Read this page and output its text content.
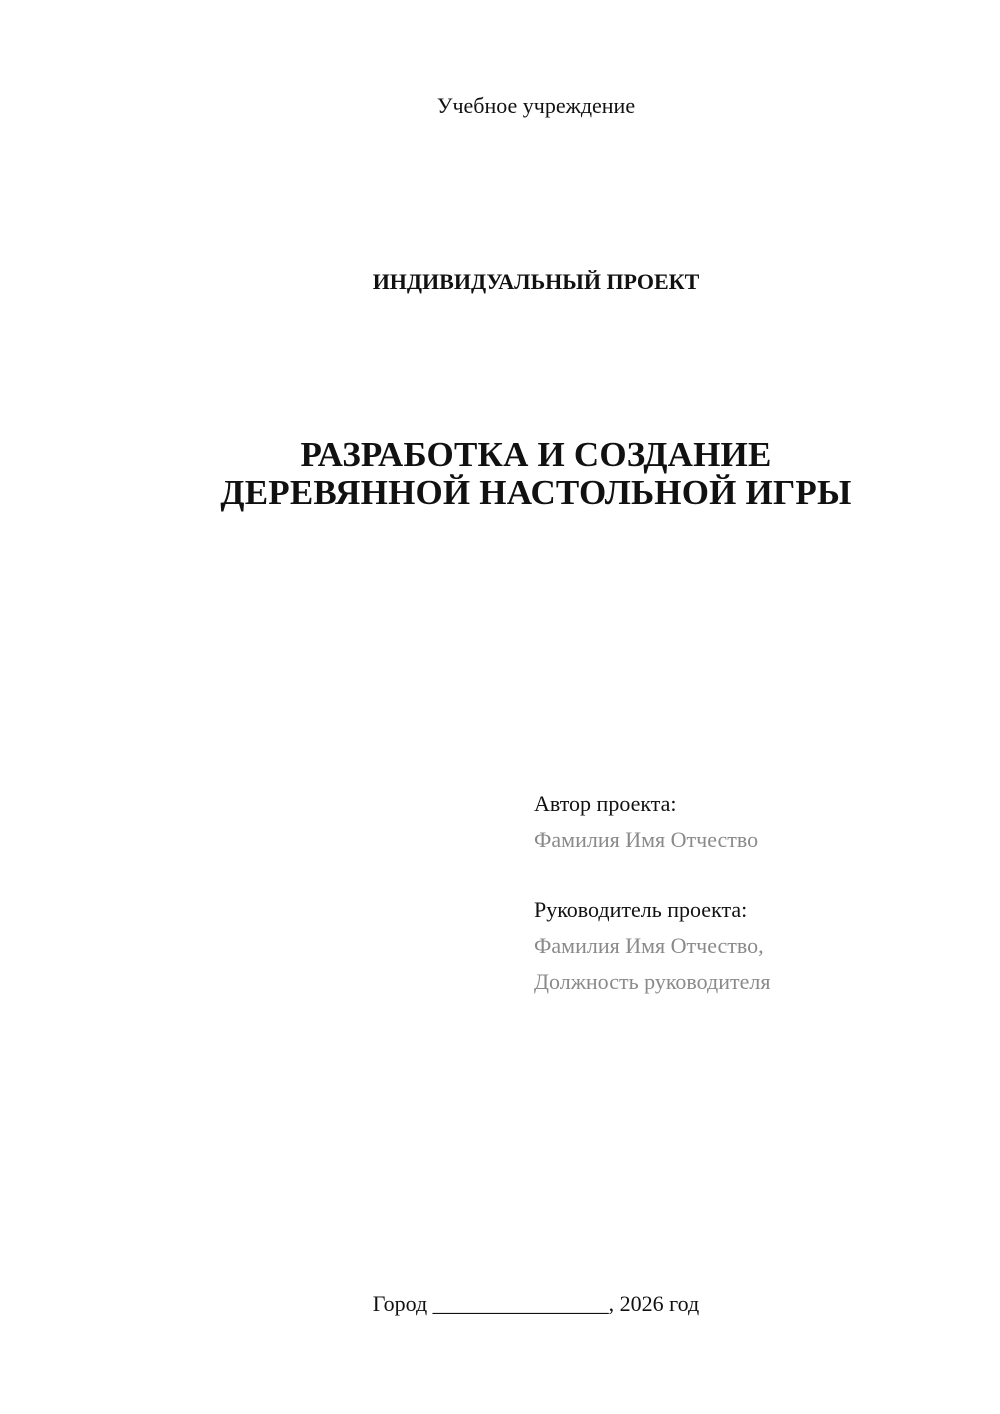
Учебное учреждение
ИНДИВИДУАЛЬНЫЙ ПРОЕКТ
РАЗРАБОТКА И СОЗДАНИЕ
ДЕРЕВЯННОЙ НАСТОЛЬНОЙ ИГРЫ
Автор проекта:
Фамилия Имя Отчество
Руководитель проекта:
Фамилия Имя Отчество,
Должность руководителя
Город ________________, 2026 год
